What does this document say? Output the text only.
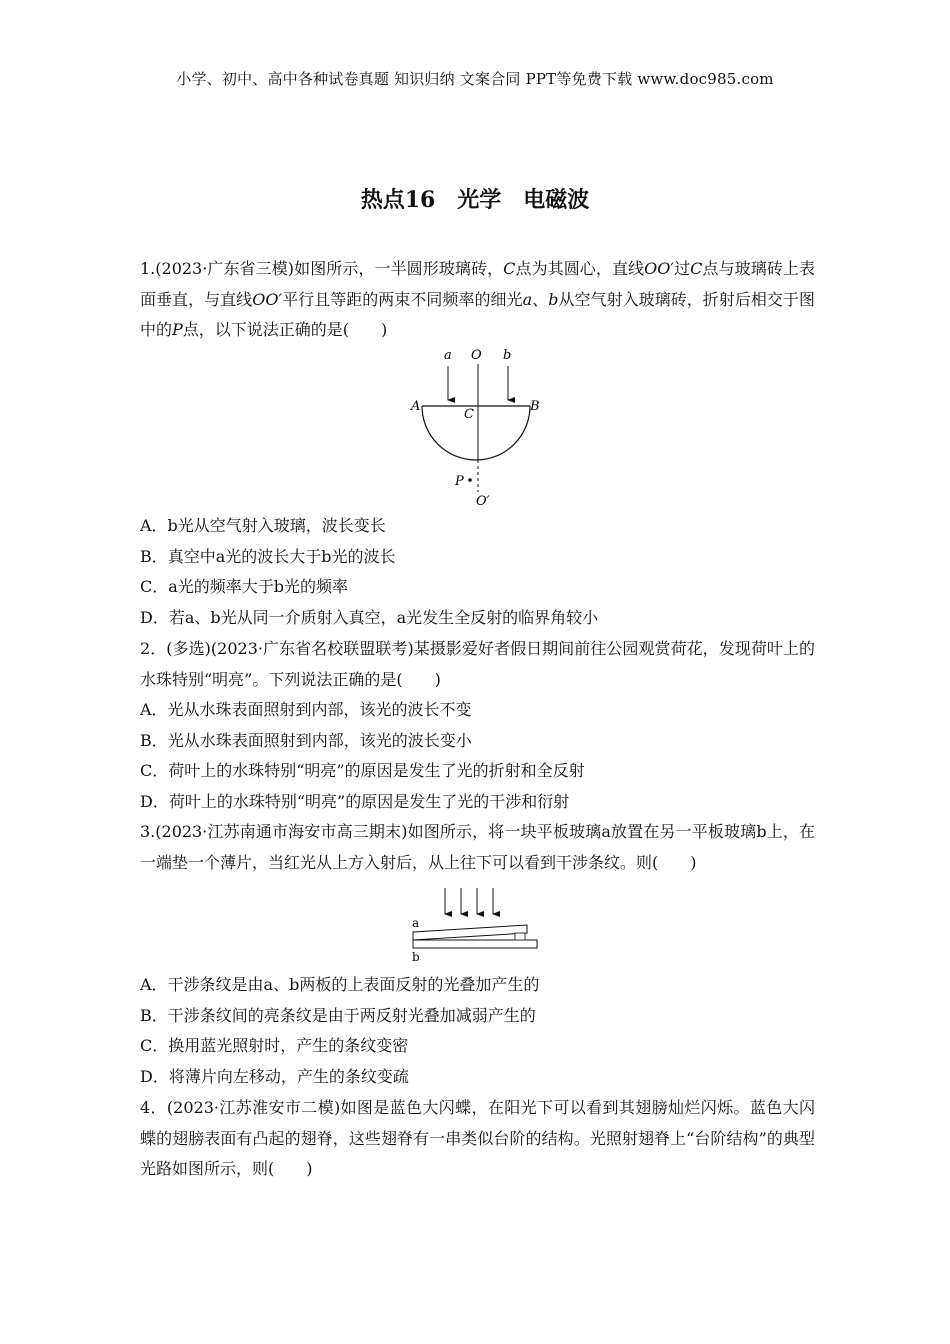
小学、初中、高中各种试卷真题 知识归纳 文案合同 PPT等免费下载 www.doc985.com
热点16　光学　电磁波
1.(2023·广东省三模)如图所示，一半圆形玻璃砖，C点为其圆心，直线OO′过C点与玻璃砖上表面垂直，与直线OO′平行且等距的两束不同频率的细光a、b从空气射入玻璃砖，折射后相交于图中的P点，以下说法正确的是(　　)
a O b
A
C
B
P
O′
A．b光从空气射入玻璃，波长变长
B．真空中a光的波长大于b光的波长
C．a光的频率大于b光的频率
D．若a、b光从同一介质射入真空，a光发生全反射的临界角较小
2．(多选)(2023·广东省名校联盟联考)某摄影爱好者假日期间前往公园观赏荷花，发现荷叶上的水珠特别“明亮”。下列说法正确的是(　　)
A．光从水珠表面照射到内部，该光的波长不变
B．光从水珠表面照射到内部，该光的波长变小
C．荷叶上的水珠特别“明亮”的原因是发生了光的折射和全反射
D．荷叶上的水珠特别“明亮”的原因是发生了光的干涉和衍射
3.(2023·江苏南通市海安市高三期末)如图所示，将一块平板玻璃a放置在另一平板玻璃b上，在一端垫一个薄片，当红光从上方入射后，从上往下可以看到干涉条纹。则(　　)
a
b
A．干涉条纹是由a、b两板的上表面反射的光叠加产生的
B．干涉条纹间的亮条纹是由于两反射光叠加减弱产生的
C．换用蓝光照射时，产生的条纹变密
D．将薄片向左移动，产生的条纹变疏
4．(2023·江苏淮安市二模)如图是蓝色大闪蝶，在阳光下可以看到其翅膀灿烂闪烁。蓝色大闪蝶的翅膀表面有凸起的翅脊，这些翅脊有一串类似台阶的结构。光照射翅脊上“台阶结构”的典型光路如图所示，则(　　)
